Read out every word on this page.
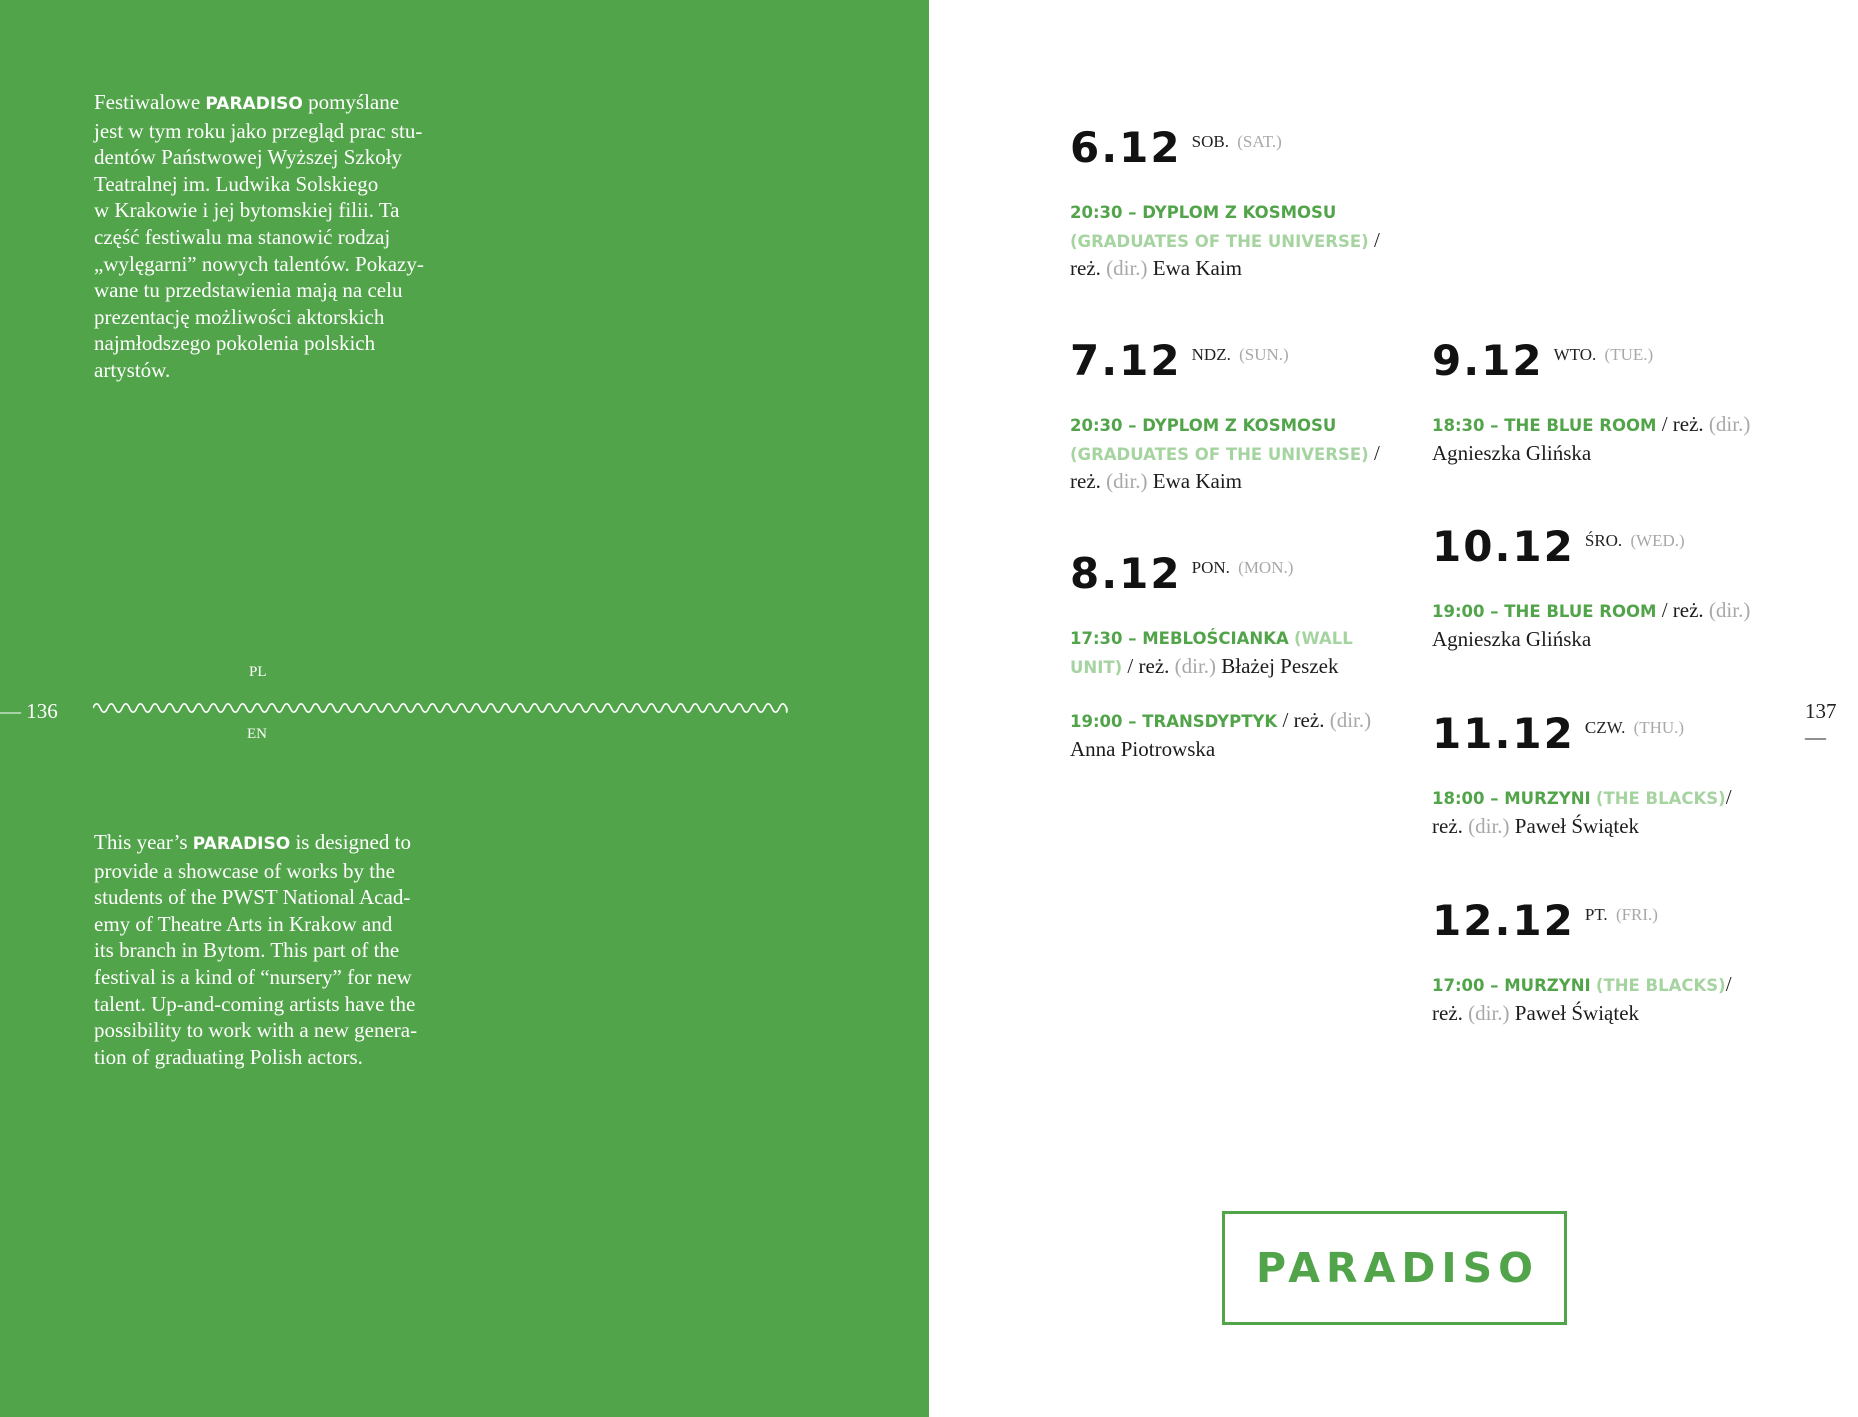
Festiwalowe PARADISO pomyślane
jest w tym roku jako przegląd prac stu-
dentów Państwowej Wyższej Szkoły
Teatralnej im. Ludwika Solskiego
w Krakowie i jej bytomskiej filii. Ta
część festiwalu ma stanowić rodzaj
„wylęgarni” nowych talentów. Pokazy-
wane tu przedstawienia mają na celu
prezentację możliwości aktorskich
najmłodszego pokolenia polskich
artystów.

PL
EN
— 136

This year’s PARADISO is designed to
provide a showcase of works by the
students of the PWST National Acad-
emy of Theatre Arts in Krakow and
its branch in Bytom. This part of the
festival is a kind of “nursery” for new
talent. Up-and-coming artists have the
possibility to work with a new genera-
tion of graduating Polish actors.

137 —
6.12 SOB. (SAT.)

20:30 – DYPLOM Z KOSMOSU (GRADUATES OF THE UNIVERSE) / reż. (dir.) Ewa Kaim

7.12 NDZ. (SUN.)

20:30 – DYPLOM Z KOSMOSU (GRADUATES OF THE UNIVERSE) / reż. (dir.) Ewa Kaim

8.12 PON. (MON.)

17:30 – MEBLOŚCIANKA (WALL UNIT) / reż. (dir.) Błażej Peszek

19:00 – TRANSDYPTYK / reż. (dir.) Anna Piotrowska

9.12 WTO. (TUE.)

18:30 – THE BLUE ROOM / reż. (dir.) Agnieszka Glińska

10.12 ŚRO. (WED.)

19:00 – THE BLUE ROOM / reż. (dir.) Agnieszka Glińska

11.12 CZW. (THU.)

18:00 – MURZYNI (THE BLACKS)/ reż. (dir.) Paweł Świątek

12.12 PT. (FRI.)

17:00 – MURZYNI (THE BLACKS)/ reż. (dir.) Paweł Świątek

PARADISO
